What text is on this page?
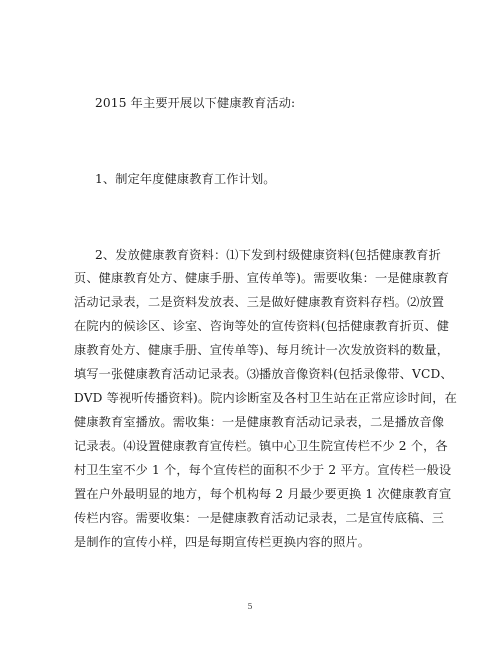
2015 年主要开展以下健康教育活动:
1、制定年度健康教育工作计划。
2、发放健康教育资料：⑴下发到村级健康资料(包括健康教育折
页、健康教育处方、健康手册、宣传单等)。需要收集：一是健康教育
活动记录表，二是资料发放表、三是做好健康教育资料存档。⑵放置
在院内的候诊区、诊室、咨询等处的宣传资料(包括健康教育折页、健
康教育处方、健康手册、宣传单等)、每月统计一次发放资料的数量，
填写一张健康教育活动记录表。⑶播放音像资料(包括录像带、VCD、
DVD 等视听传播资料)。院内诊断室及各村卫生站在正常应诊时间，在
健康教育室播放。需收集：一是健康教育活动记录表，二是播放音像
记录表。⑷设置健康教育宣传栏。镇中心卫生院宣传栏不少 2 个，各
村卫生室不少 1 个，每个宣传栏的面积不少于 2 平方。宣传栏一般设
置在户外最明显的地方，每个机构每 2 月最少要更换 1 次健康教育宣
传栏内容。需要收集：一是健康教育活动记录表，二是宣传底稿、三
是制作的宣传小样，四是每期宣传栏更换内容的照片。
5
